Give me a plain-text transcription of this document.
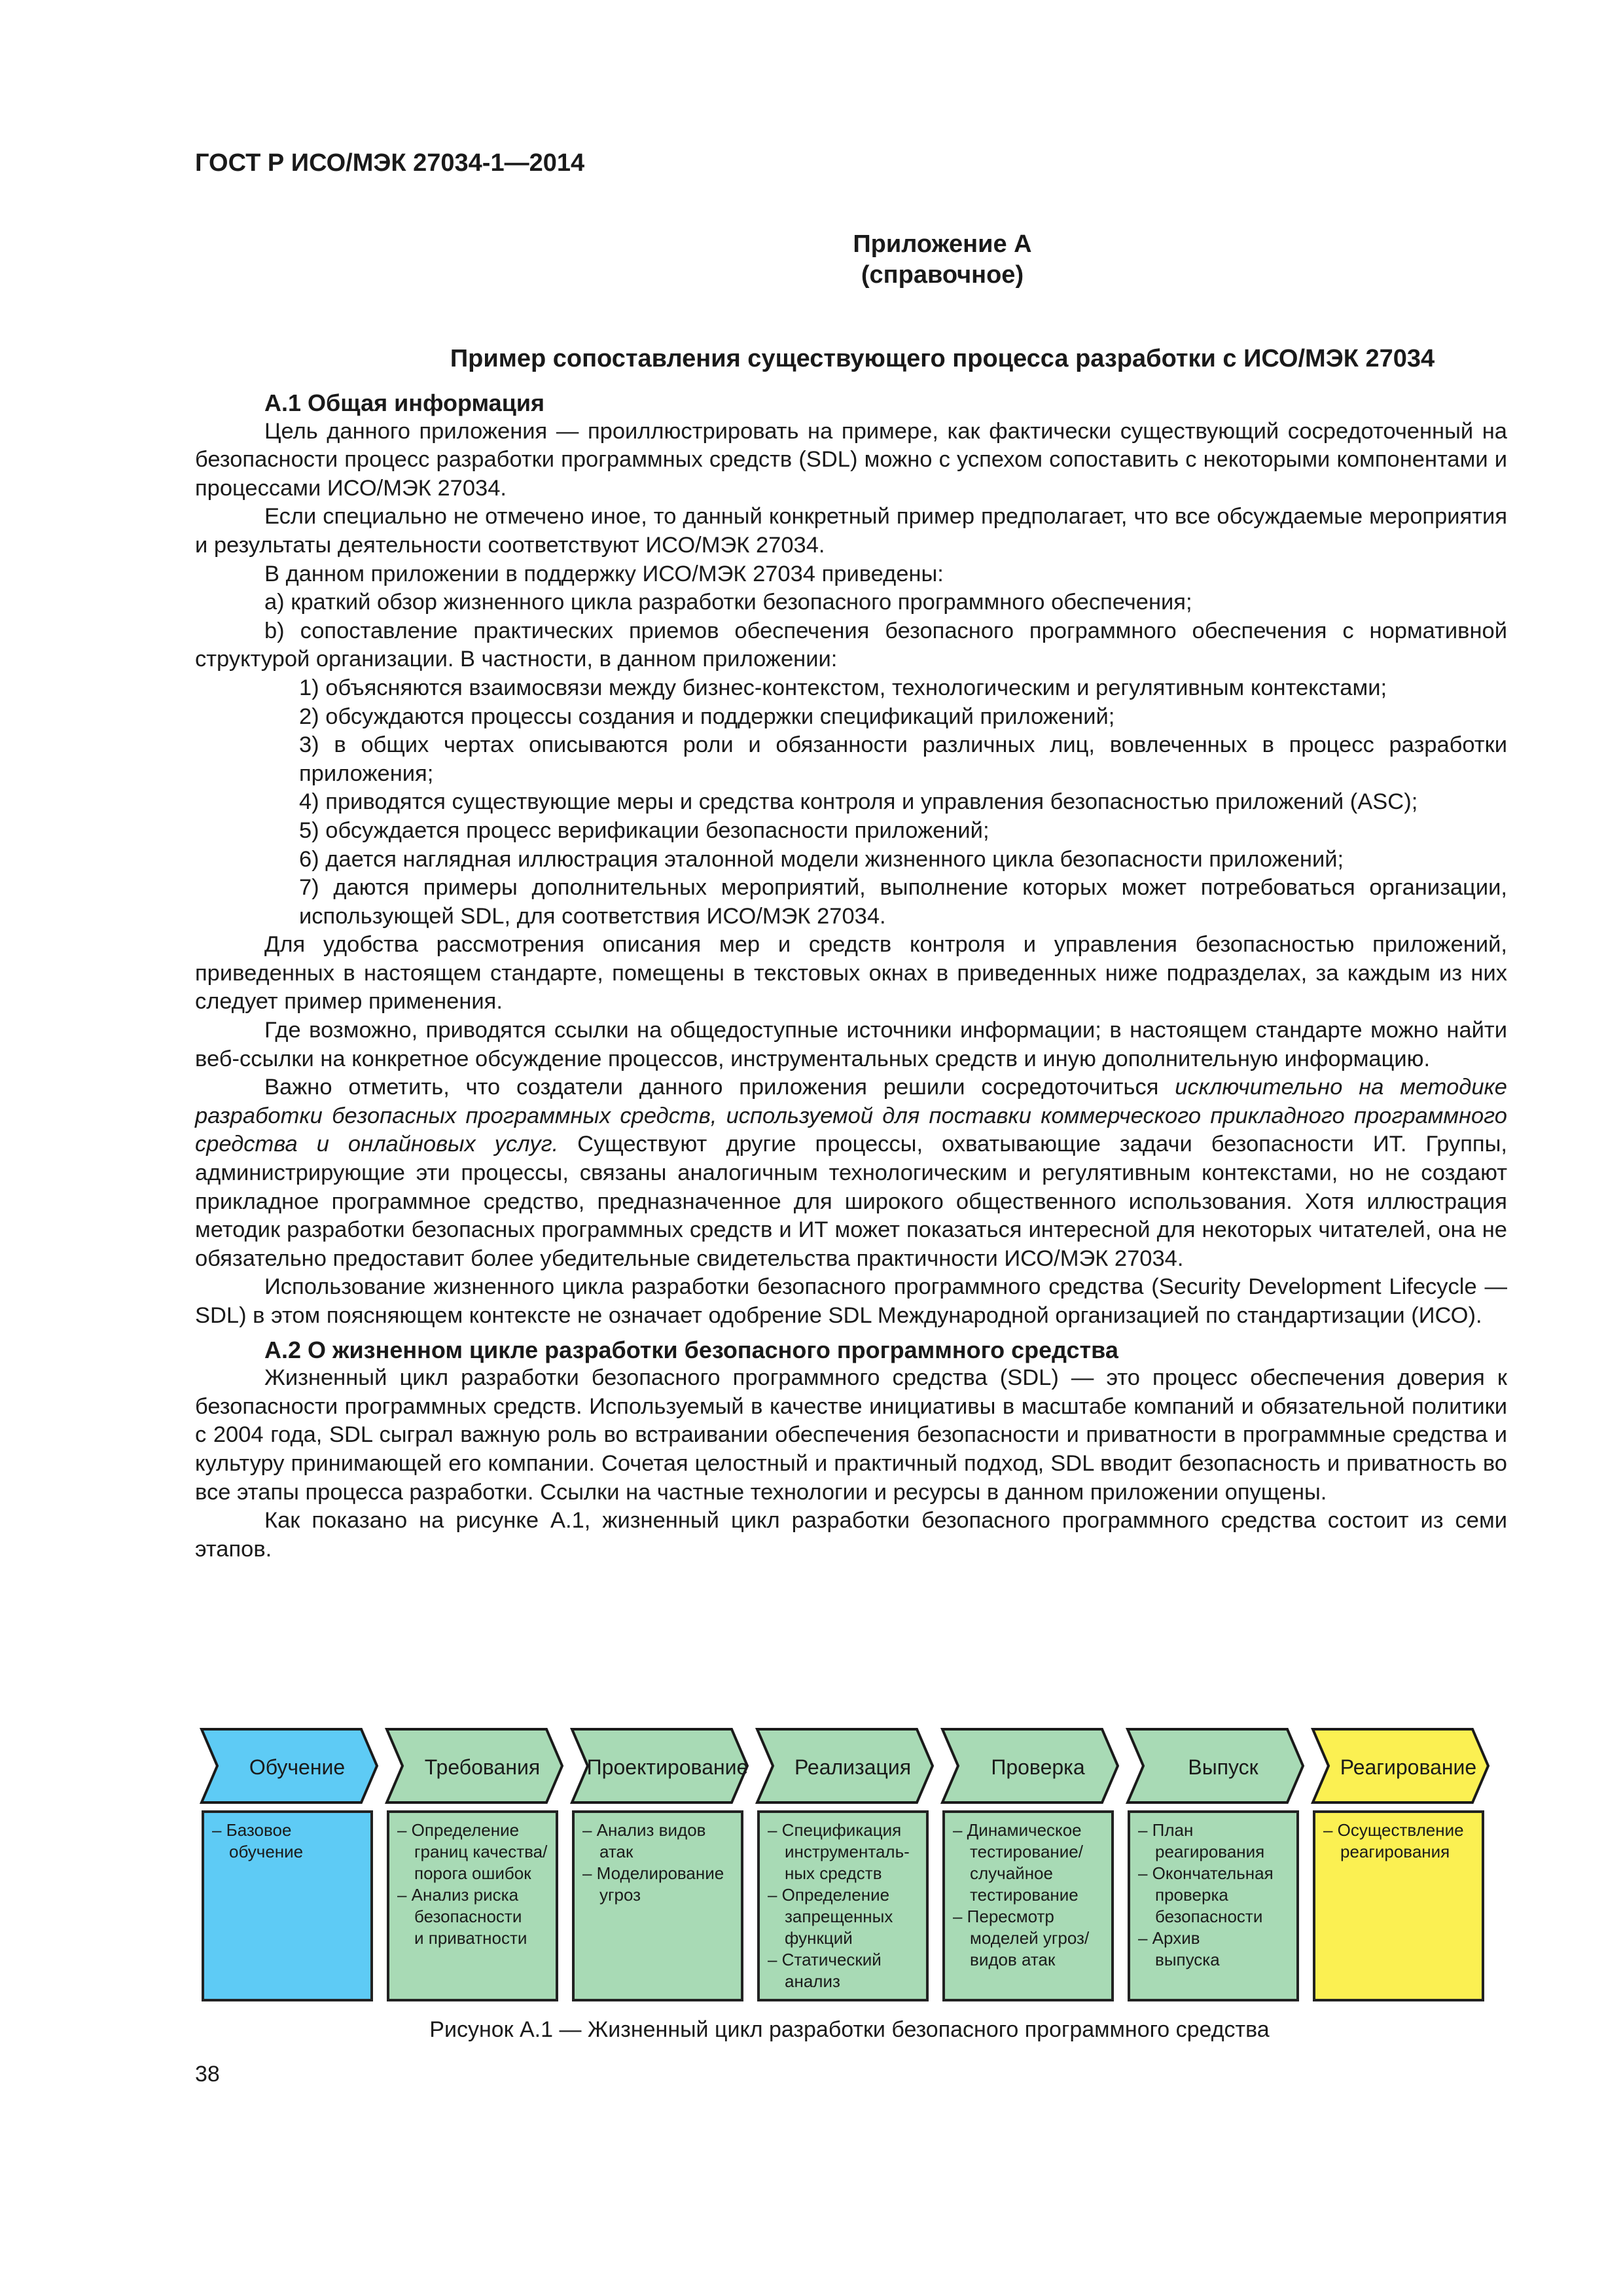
ГОСТ Р ИСО/МЭК 27034-1—2014
Приложение А
(справочное)
Пример сопоставления существующего процесса разработки с ИСО/МЭК 27034

А.1 Общая информация

Цель данного приложения — проиллюстрировать на примере, как фактически существующий сосредоточенный на безопасности процесс разработки программных средств (SDL) можно с успехом сопоставить с некоторыми компонентами и процессами ИСО/МЭК 27034.

Если специально не отмечено иное, то данный конкретный пример предполагает, что все обсуждаемые мероприятия и результаты деятельности соответствуют ИСО/МЭК 27034.

В данном приложении в поддержку ИСО/МЭК 27034 приведены:

а) краткий обзор жизненного цикла разработки безопасного программного обеспечения;

b) сопоставление практических приемов обеспечения безопасного программного обеспечения с нормативной структурой организации. В частности, в данном приложении:

1) объясняются взаимосвязи между бизнес-контекстом, технологическим и регулятивным контекстами;

2) обсуждаются процессы создания и поддержки спецификаций приложений;

3) в общих чертах описываются роли и обязанности различных лиц, вовлеченных в процесс разработки приложения;

4) приводятся существующие меры и средства контроля и управления безопасностью приложений (ASC);

5) обсуждается процесс верификации безопасности приложений;

6) дается наглядная иллюстрация эталонной модели жизненного цикла безопасности приложений;

7) даются примеры дополнительных мероприятий, выполнение которых может потребоваться организации, использующей SDL, для соответствия ИСО/МЭК 27034.

Для удобства рассмотрения описания мер и средств контроля и управления безопасностью приложений, приведенных в настоящем стандарте, помещены в текстовых окнах в приведенных ниже подразделах, за каждым из них следует пример применения.

Где возможно, приводятся ссылки на общедоступные источники информации; в настоящем стандарте можно найти веб-ссылки на конкретное обсуждение процессов, инструментальных средств и иную дополнительную информацию.

Важно отметить, что создатели данного приложения решили сосредоточиться исключительно на методике разработки безопасных программных средств, используемой для поставки коммерческого прикладного программного средства и онлайновых услуг. Существуют другие процессы, охватывающие задачи безопасности ИТ. Группы, администрирующие эти процессы, связаны аналогичным технологическим и регулятивным контекстами, но не создают прикладное программное средство, предназначенное для широкого общественного использования. Хотя иллюстрация методик разработки безопасных программных средств и ИТ может показаться интересной для некоторых читателей, она не обязательно предоставит более убедительные свидетельства практичности ИСО/МЭК 27034.

Использование жизненного цикла разработки безопасного программного средства (Security Development Lifecycle — SDL) в этом поясняющем контексте не означает одобрение SDL Международной организацией по стандартизации (ИСО).

А.2 О жизненном цикле разработки безопасного программного средства

Жизненный цикл разработки безопасного программного средства (SDL) — это процесс обеспечения доверия к безопасности программных средств. Используемый в качестве инициативы в масштабе компаний и обязательной политики с 2004 года, SDL сыграл важную роль во встраивании обеспечения безопасности и приватности в программные средства и культуру принимающей его компании. Сочетая целостный и практичный подход, SDL вводит безопасность и приватность во все этапы процесса разработки. Ссылки на частные технологии и ресурсы в данном приложении опущены.

Как показано на рисунке А.1, жизненный цикл разработки безопасного программного средства состоит из семи этапов.

Обучение
– Базовое
обучение
Требования
– Определение
границ качества/
порога ошибок
– Анализ риска
безопасности
и приватности
Проектирование
– Анализ видов
атак
– Моделирование
угроз
Реализация
– Спецификация
инструменталь-
ных средств
– Определение
запрещенных
функций
– Статический
анализ
Проверка
– Динамическое
тестирование/
случайное
тестирование
– Пересмотр
моделей угроз/
видов атак
Выпуск
– План
реагирования
– Окончательная
проверка
безопасности
– Архив
выпуска
Реагирование
– Осуществление
реагирования
Рисунок А.1 — Жизненный цикл разработки безопасного программного средства
38
